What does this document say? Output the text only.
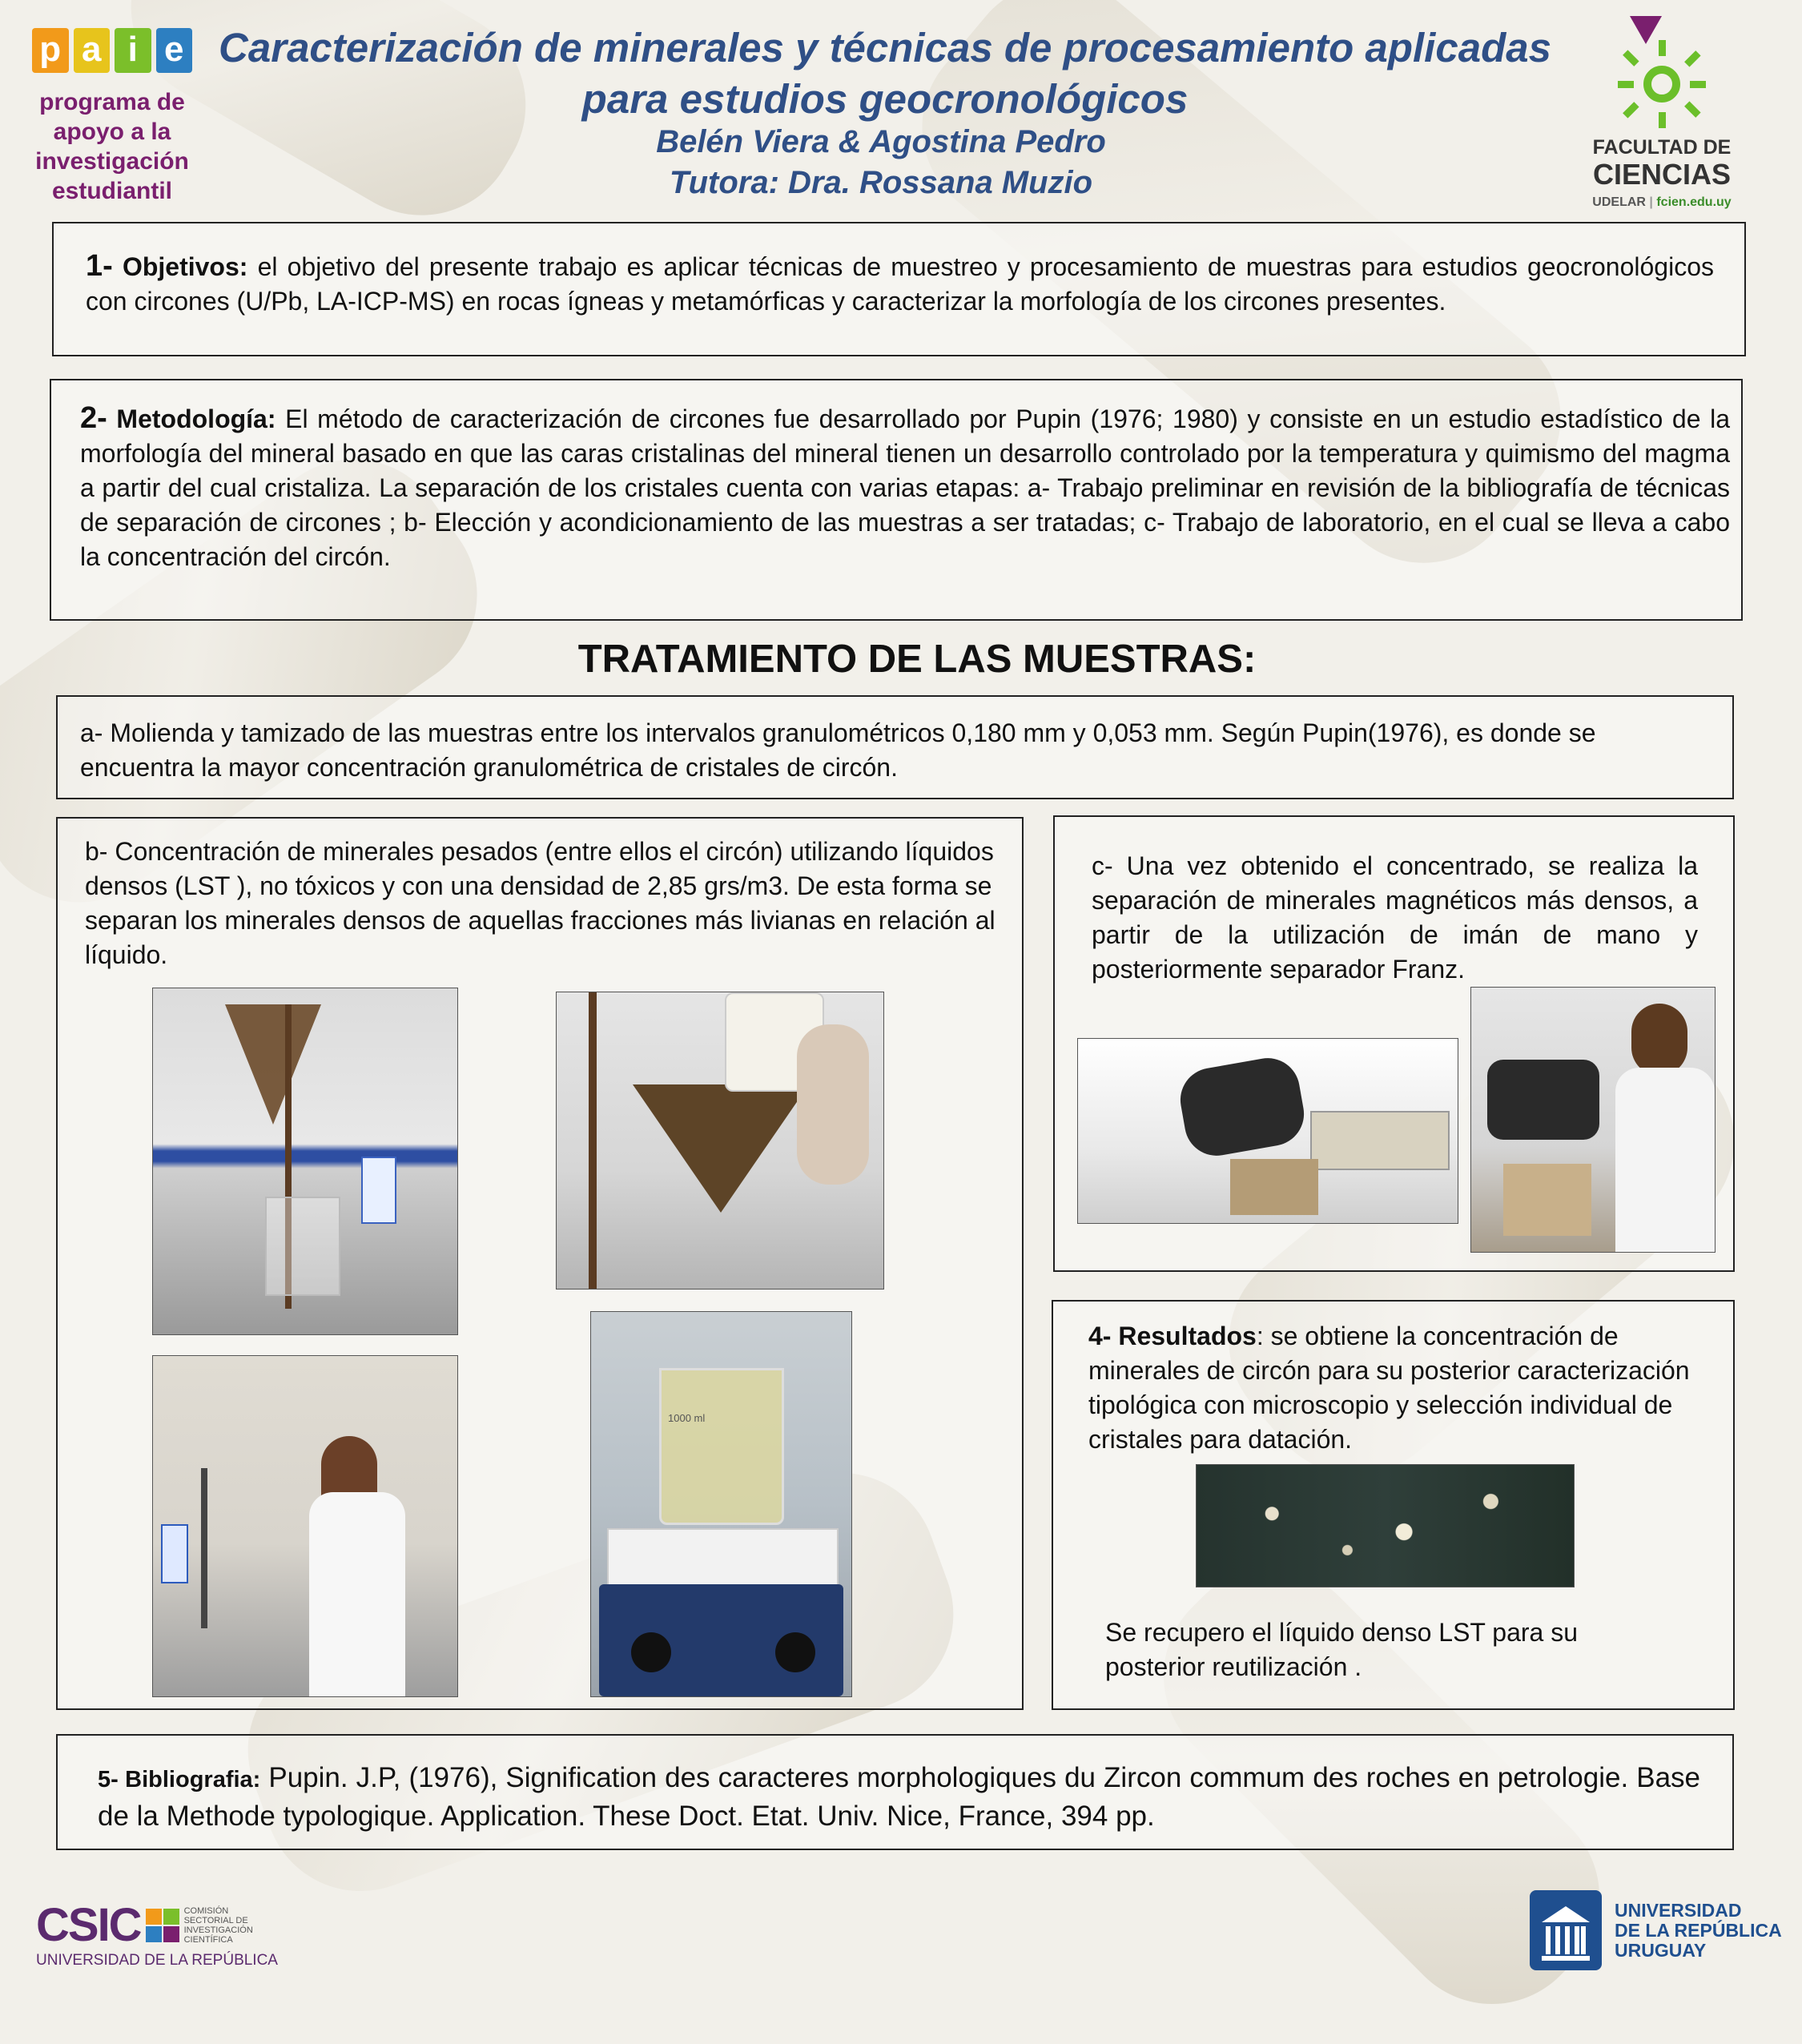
p a i e
programa de
apoyo a la
investigación
estudiantil
Caracterización de minerales y técnicas de procesamiento aplicadas
para estudios geocronológicos
Belén Viera & Agostina Pedro
Tutora: Dra. Rossana Muzio
FACULTAD DE
CIENCIAS
UDELAR | fcien.edu.uy
1- Objetivos: el objetivo del presente trabajo es aplicar técnicas de muestreo y procesamiento de muestras para estudios geocronológicos con circones (U/Pb, LA-ICP-MS) en rocas ígneas y metamórficas y caracterizar la morfología de los circones presentes.
2- Metodología: El método de caracterización de circones fue desarrollado por Pupin (1976; 1980) y consiste en un estudio estadístico de la morfología del mineral basado en que las caras cristalinas del mineral tienen un desarrollo controlado por la temperatura y quimismo del magma a partir del cual cristaliza. La separación de los cristales cuenta con varias etapas: a- Trabajo preliminar en revisión de la bibliografía de técnicas de separación de circones ; b- Elección y acondicionamiento de las muestras a ser tratadas; c- Trabajo de laboratorio, en el cual se lleva a cabo la concentración del circón.
TRATAMIENTO DE LAS MUESTRAS:
a- Molienda y tamizado de las muestras entre los intervalos granulométricos 0,180 mm y 0,053 mm. Según Pupin(1976), es donde se encuentra la mayor concentración granulométrica de cristales de circón.
b- Concentración de minerales pesados (entre ellos el circón) utilizando líquidos densos (LST ), no tóxicos y con una densidad de 2,85 grs/m3. De esta forma se separan los minerales densos de aquellas fracciones más livianas en relación al líquido.
1000 ml
c- Una vez obtenido el concentrado, se realiza la separación de minerales magnéticos más densos, a partir de la utilización de imán de mano y posteriormente separador Franz.
4- Resultados: se obtiene la concentración de minerales de circón para su posterior caracterización tipológica con microscopio y selección individual de cristales para datación.
Se recupero el líquido denso LST para su posterior reutilización .
5- Bibliografia: Pupin. J.P, (1976), Signification des caracteres morphologiques du Zircon commum des roches en petrologie. Base de la Methode typologique. Application. These Doct. Etat. Univ. Nice, France, 394 pp.
CSIC	COMISIÓN
SECTORIAL DE
INVESTIGACIÓN
CIENTÍFICA
UNIVERSIDAD DE LA REPÚBLICA
UNIVERSIDAD
DE LA REPÚBLICA
URUGUAY
